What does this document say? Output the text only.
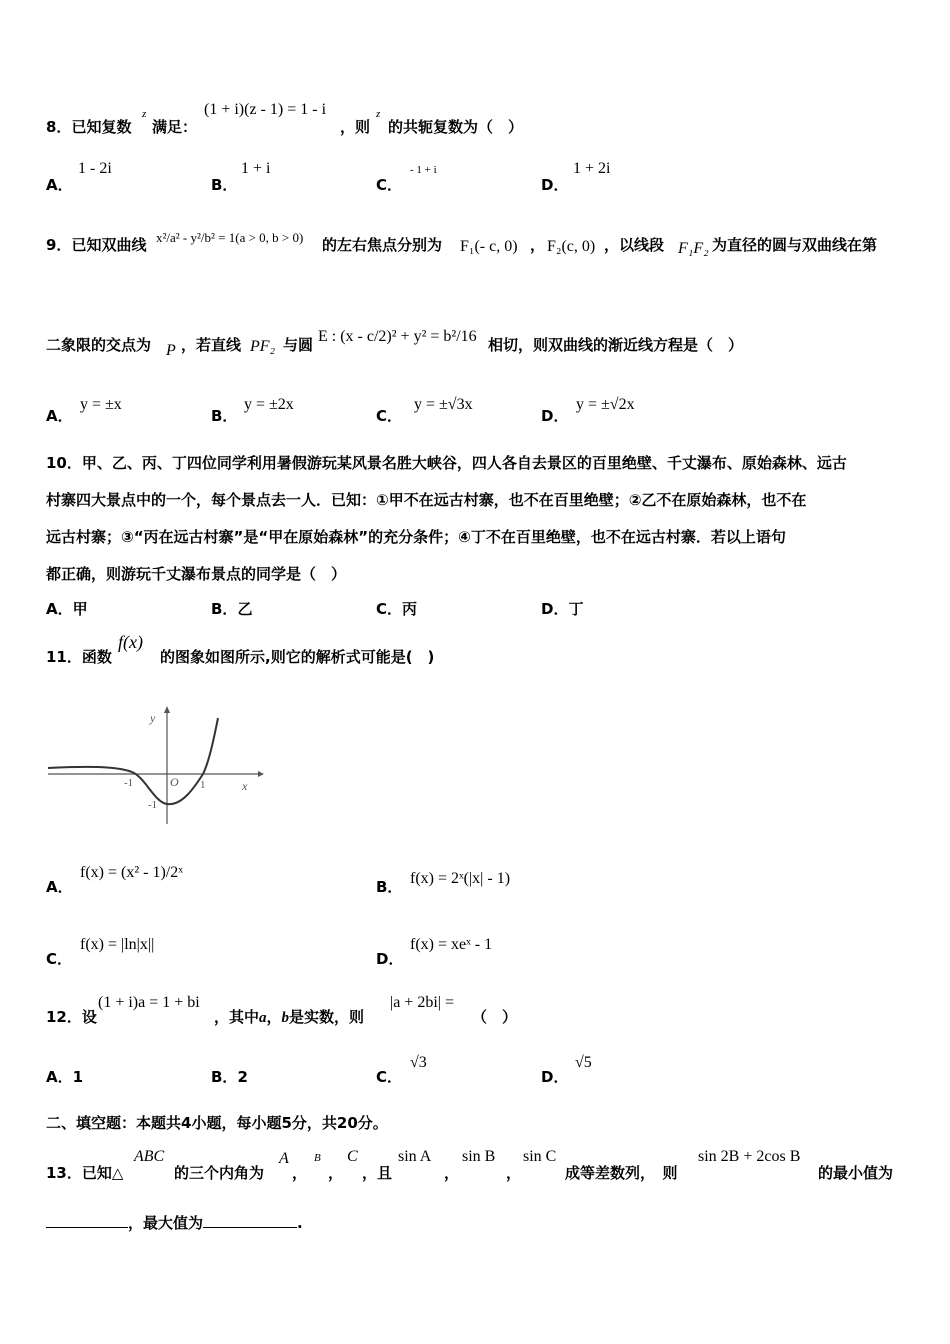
8．已知复数
z
满足：
(1 + i)(z - 1) = 1 - i
，则
z
的共轭复数为（　）
A．
1 - 2i
B．
1 + i
C．
- 1 + i
D．
1 + 2i
9．已知双曲线 x²/a² - y²/b² = 1(a > 0, b > 0) 的左右焦点分别为 F₁(- c, 0) ， F₂(c, 0) ，以线段 F₁F₂ 为直径的圆与双曲线在第
二象限的交点为 P ，若直线 PF₂ 与圆 E : (x - c/2)² + y² = b²/16 相切，则双曲线的渐近线方程是（　）
A．
y = ±x
B．
y = ±2x
C．
y = ±√3x
D．
y = ±√2x
10．甲、乙、丙、丁四位同学利用暑假游玩某风景名胜大峡谷，四人各自去景区的百里绝壁、千丈瀑布、原始森林、远古
村寨四大景点中的一个，每个景点去一人．已知：①甲不在远古村寨，也不在百里绝壁；②乙不在原始森林，也不在
远古村寨；③“丙在远古村寨”是“甲在原始森林”的充分条件；④丁不在百里绝壁，也不在远古村寨．若以上语句
都正确，则游玩千丈瀑布景点的同学是（　）
A．甲	B．乙	C．丙	D．丁
11．函数
f(x)
的图象如图所示,则它的解析式可能是(　)
y
x
O
-1	1
-1
A．
f(x) = (x² - 1)/2ˣ
B． f(x) = 2ˣ(|x| - 1)
C．
f(x) = |ln|x||
D．
f(x) = xeˣ - 1
12．设
(1 + i)a = 1 + bi
，其中a，b是实数，则
|a + 2bi| =
（　）
A．1	B．2	C．
√3
D．
√5
二、填空题：本题共4小题，每小题5分，共20分。
13．已知△
ABC
的三个内角为
A
，
B
，
C
，且
sin A
，
sin B
，
sin C
成等差数列，　则
sin 2B + 2cos B
的最小值为
，最大值为	.
